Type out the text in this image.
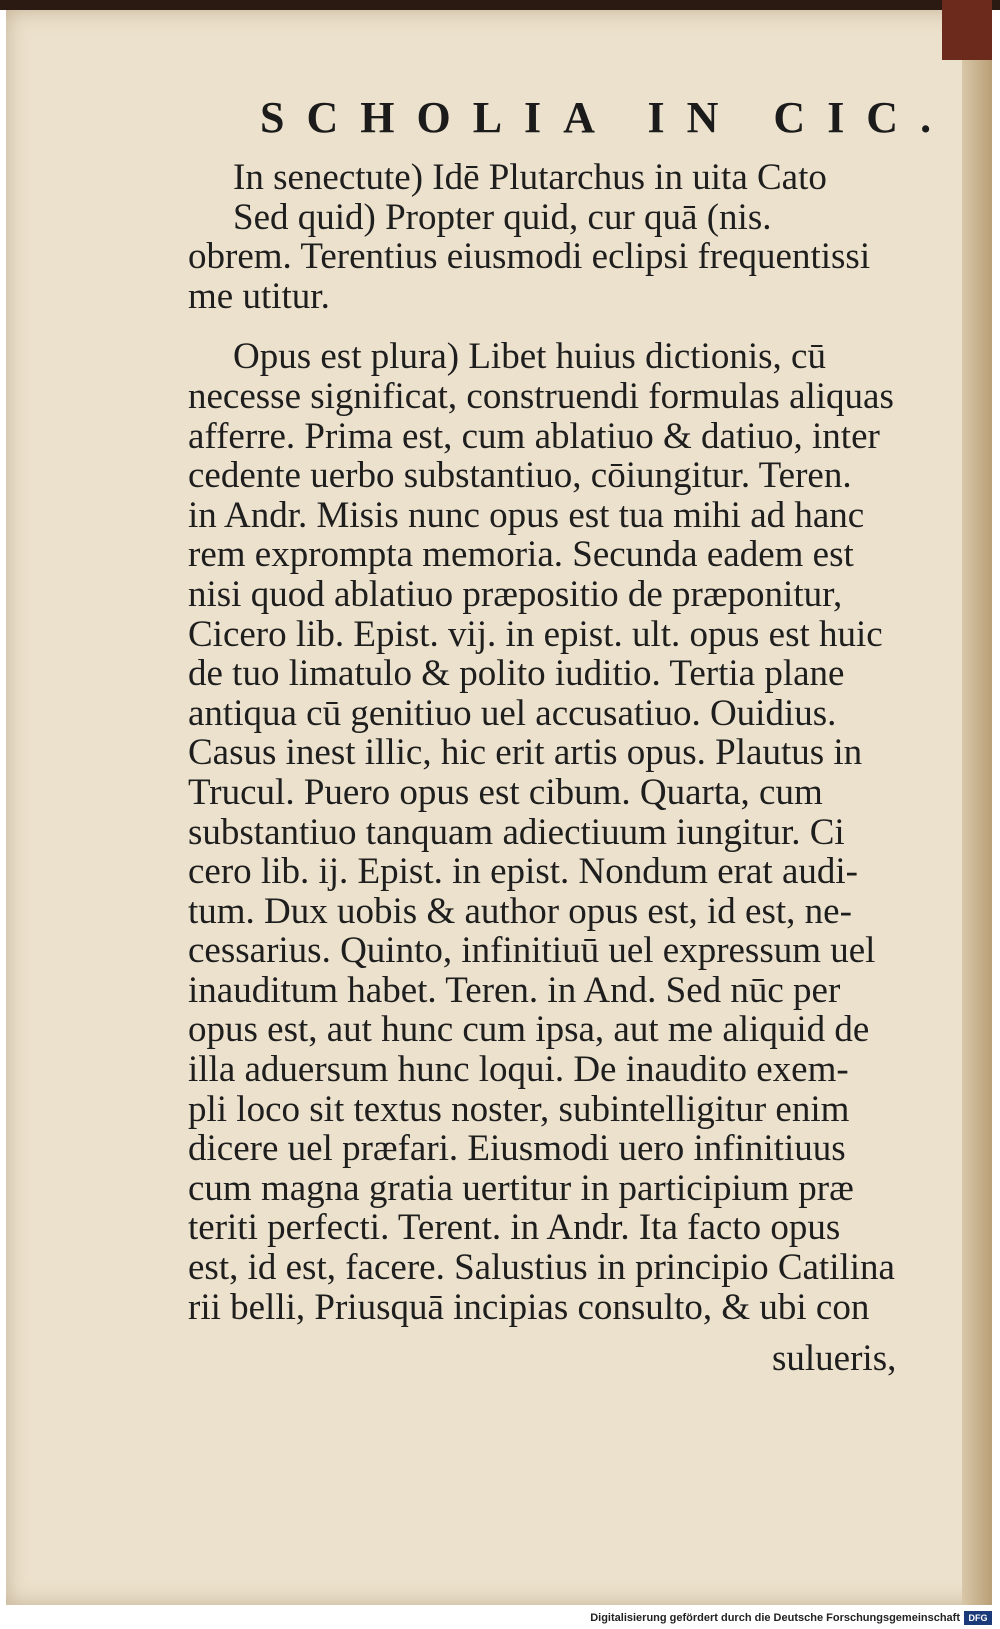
SCHOLIA IN CIC.
In senectute) Idē Plutarchus in uita Cato
Sed quid) Propter quid, cur quā (nis.
obrem. Terentius eiusmodi eclipsi frequentissi
me utitur.
Opus est plura) Libet huius dictionis, cū
necesse significat, construendi formulas aliquas
afferre. Prima est, cum ablatiuo & datiuo, inter
cedente uerbo substantiuo, cōiungitur. Teren.
in Andr. Misis nunc opus est tua mihi ad hanc
rem exprompta memoria. Secunda eadem est
nisi quod ablatiuo præpositio de præponitur,
Cicero lib. Epist. vij. in epist. ult. opus est huic
de tuo limatulo & polito iuditio. Tertia plane
antiqua cū genitiuo uel accusatiuo. Ouidius.
Casus inest illic, hic erit artis opus. Plautus in
Trucul. Puero opus est cibum. Quarta, cum
substantiuo tanquam adiectiuum iungitur. Ci
cero lib. ij. Epist. in epist. Nondum erat audi-
tum. Dux uobis & author opus est, id est, ne-
cessarius. Quinto, infinitiuū uel expressum uel
inauditum habet. Teren. in And. Sed nūc per
opus est, aut hunc cum ipsa, aut me aliquid de
illa aduersum hunc loqui. De inaudito exem-
pli loco sit textus noster, subintelligitur enim
dicere uel præfari. Eiusmodi uero infinitiuus
cum magna gratia uertitur in participium præ
teriti perfecti. Terent. in Andr. Ita facto opus
est, id est, facere. Salustius in principio Catilina
rii belli, Priusquā incipias consulto, & ubi con
sulueris,
Digitalisierung gefördert durch die Deutsche Forschungsgemeinschaft DFG
